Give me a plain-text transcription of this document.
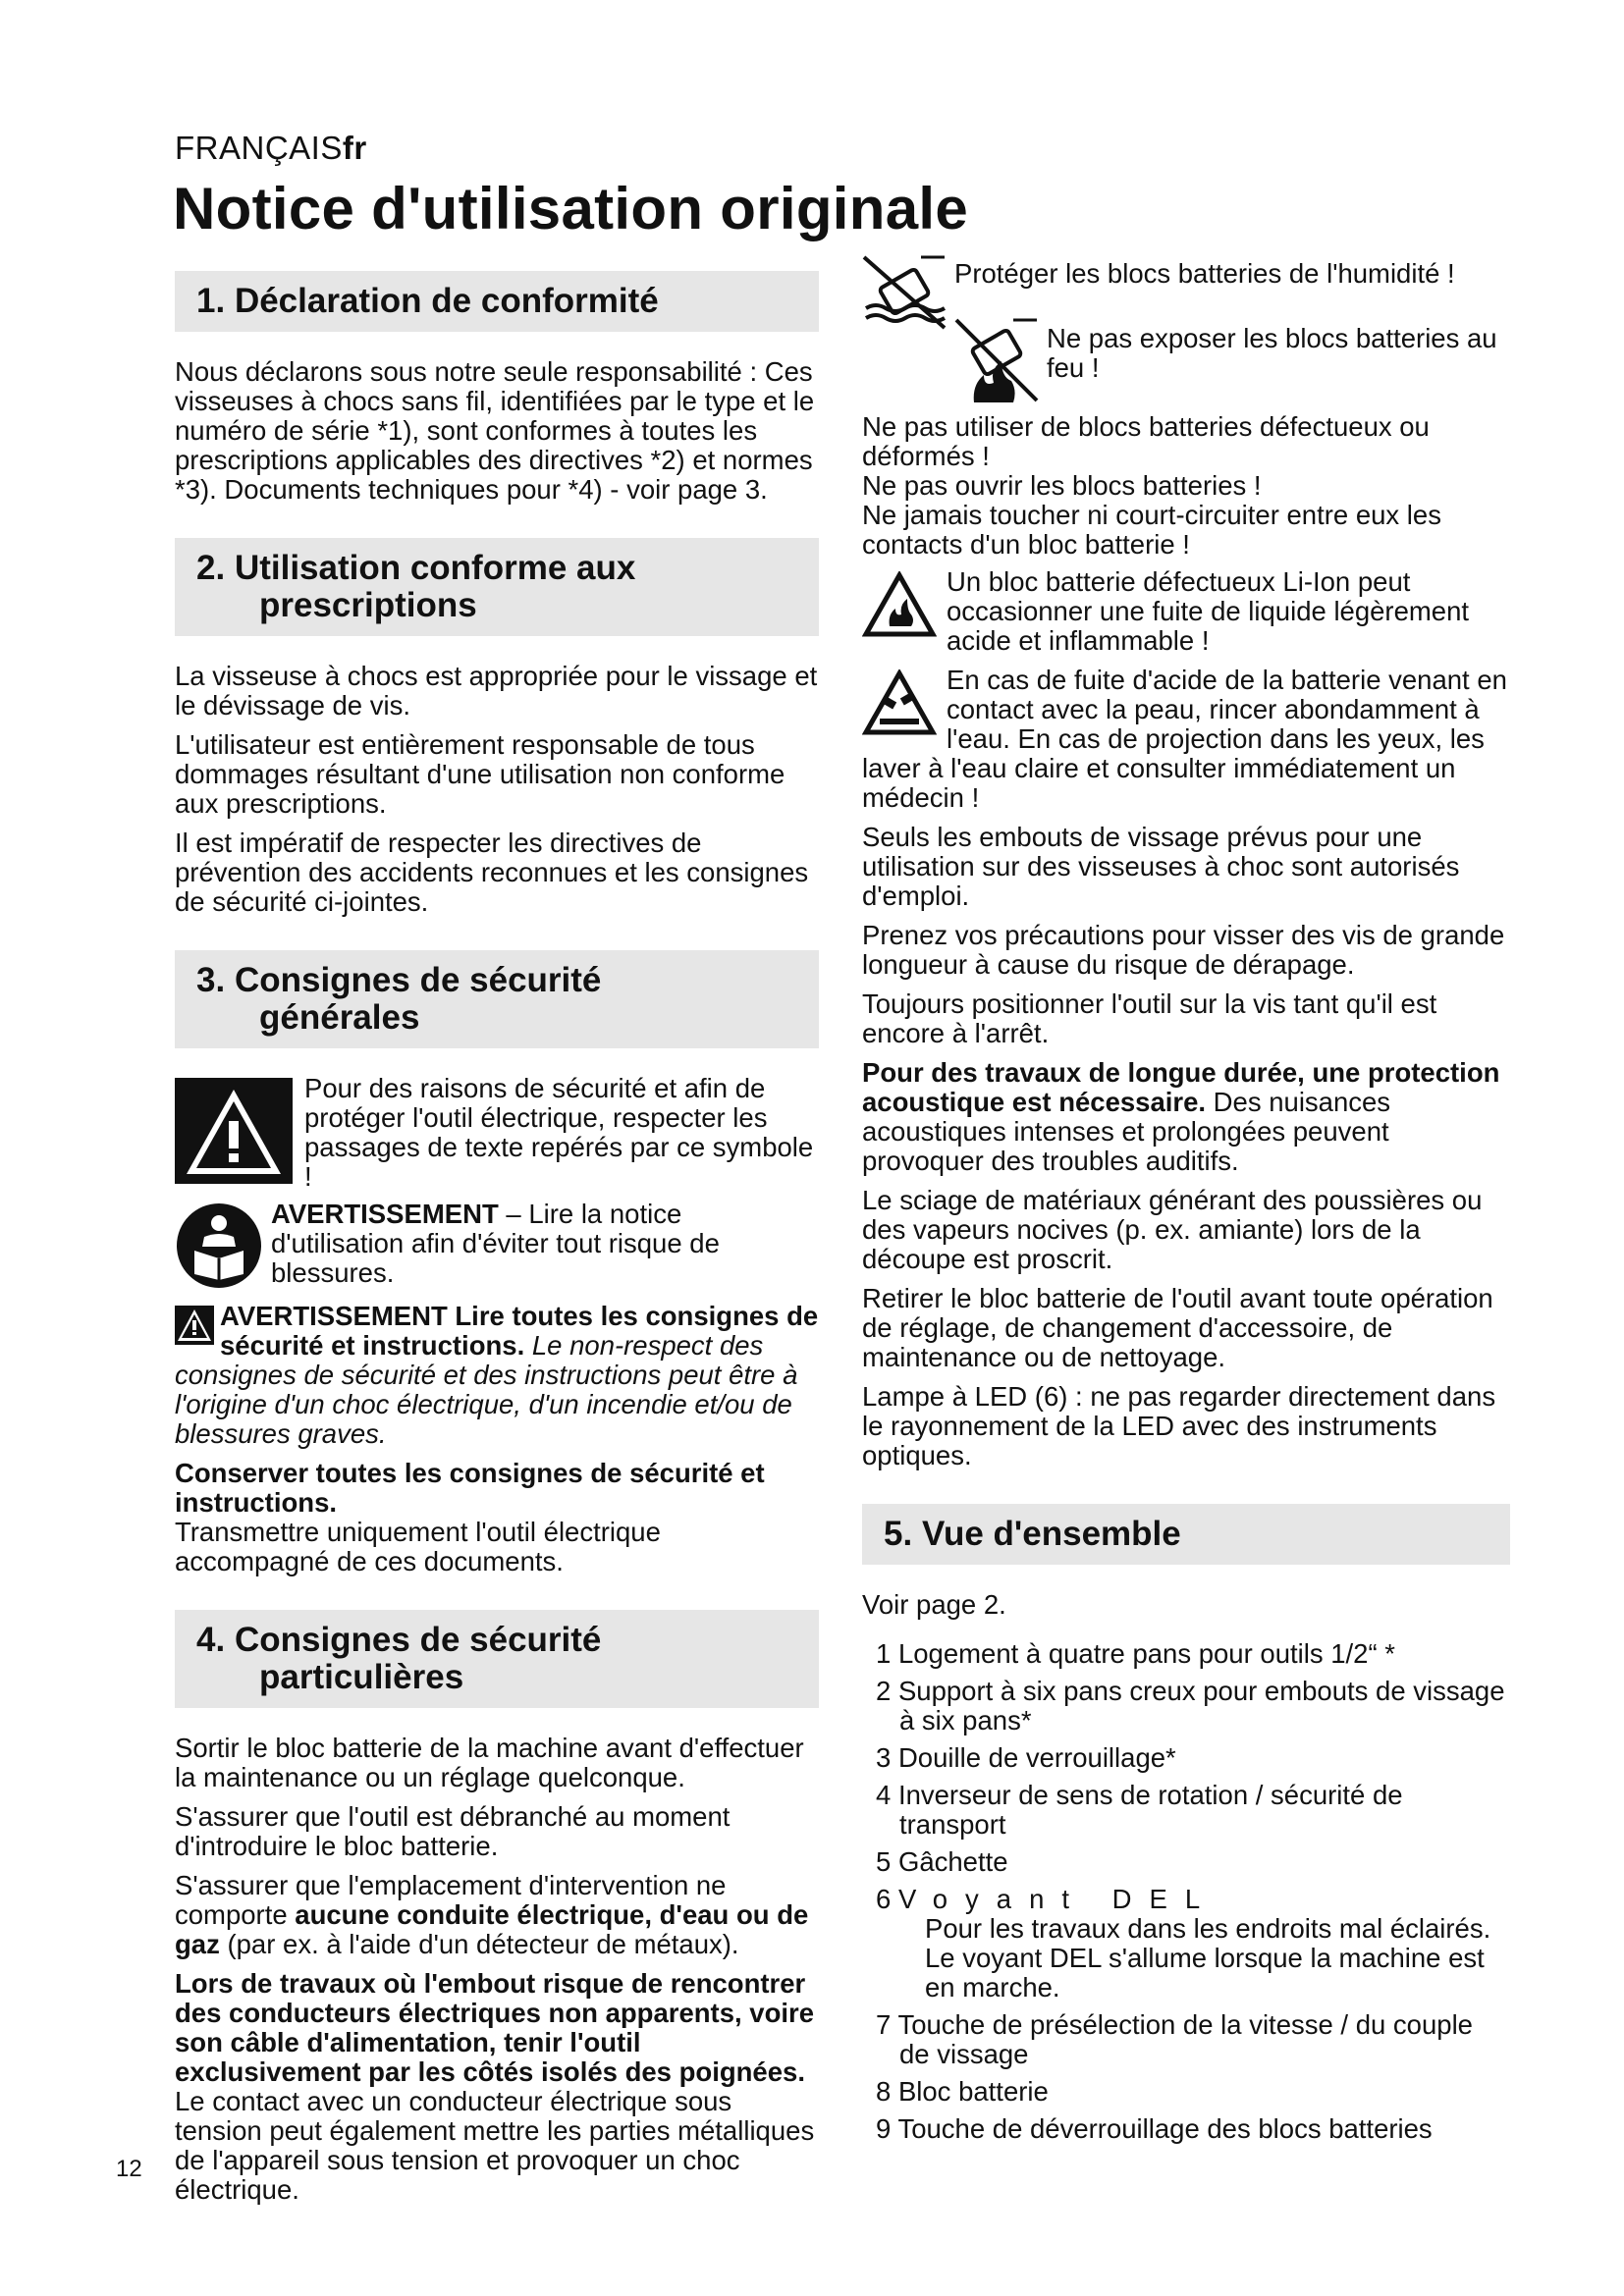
FRANÇAISfr
Notice d'utilisation originale
1. Déclaration de conformité

Nous déclarons sous notre seule responsabilité : Ces visseuses à chocs sans fil, identifiées par le type et le numéro de série *1), sont conformes à toutes les prescriptions applicables des directives *2) et normes *3). Documents techniques pour *4) - voir page 3.

2. Utilisation conforme aux
prescriptions

La visseuse à chocs est appropriée pour le vissage et le dévissage de vis.

L'utilisateur est entièrement responsable de tous dommages résultant d'une utilisation non conforme aux prescriptions.

Il est impératif de respecter les directives de prévention des accidents reconnues et les consignes de sécurité ci-jointes.

3. Consignes de sécurité
générales

Pour des raisons de sécurité et afin de protéger l'outil électrique, respecter les passages de texte repérés par ce symbole !

AVERTISSEMENT – Lire la notice d'utilisation afin d'éviter tout risque de blessures.

AVERTISSEMENT Lire toutes les consignes de sécurité et instructions. Le non-respect des consignes de sécurité et des instructions peut être à l'origine d'un choc électrique, d'un incendie et/ou de blessures graves.

Conserver toutes les consignes de sécurité et instructions.

Transmettre uniquement l'outil électrique accompagné de ces documents.

4. Consignes de sécurité
particulières

Sortir le bloc batterie de la machine avant d'effectuer la maintenance ou un réglage quelconque.

S'assurer que l'outil est débranché au moment d'introduire le bloc batterie.

S'assurer que l'emplacement d'intervention ne comporte aucune conduite électrique, d'eau ou de gaz (par ex. à l'aide d'un détecteur de métaux).

Lors de travaux où l'embout risque de rencontrer des conducteurs électriques non apparents, voire son câble d'alimentation, tenir l'outil exclusivement par les côtés isolés des poignées. Le contact avec un conducteur électrique sous tension peut également mettre les parties métalliques de l'appareil sous tension et provoquer un choc électrique.

Protéger les blocs batteries de l'humidité !

Ne pas exposer les blocs batteries au feu !

Ne pas utiliser de blocs batteries défectueux ou déformés !

Ne pas ouvrir les blocs batteries !

Ne jamais toucher ni court-circuiter entre eux les contacts d'un bloc batterie !

Un bloc batterie défectueux Li-Ion peut occasionner une fuite de liquide légèrement acide et inflammable !

En cas de fuite d'acide de la batterie venant en contact avec la peau, rincer abondamment à l'eau. En cas de projection dans les yeux, les laver à l'eau claire et consulter immédiatement un médecin !

Seuls les embouts de vissage prévus pour une utilisation sur des visseuses à choc sont autorisés d'emploi.

Prenez vos précautions pour visser des vis de grande longueur à cause du risque de dérapage.

Toujours positionner l'outil sur la vis tant qu'il est encore à l'arrêt.

Pour des travaux de longue durée, une protection acoustique est nécessaire. Des nuisances acoustiques intenses et prolongées peuvent provoquer des troubles auditifs.

Le sciage de matériaux générant des poussières ou des vapeurs nocives (p. ex. amiante) lors de la découpe est proscrit.

Retirer le bloc batterie de l'outil avant toute opération de réglage, de changement d'accessoire, de maintenance ou de nettoyage.

Lampe à LED (6) : ne pas regarder directement dans le rayonnement de la LED avec des instruments optiques.

5. Vue d'ensemble

Voir page 2.

1 Logement à quatre pans pour outils 1/2“ *
2 Support à six pans creux pour embouts de vissage à six pans*
3 Douille de verrouillage*
4 Inverseur de sens de rotation / sécurité de transport
5 Gâchette
6 Voyant DEL
Pour les travaux dans les endroits mal éclairés. Le voyant DEL s'allume lorsque la machine est en marche.
7 Touche de présélection de la vitesse / du couple de vissage
8 Bloc batterie
9 Touche de déverrouillage des blocs batteries
12
